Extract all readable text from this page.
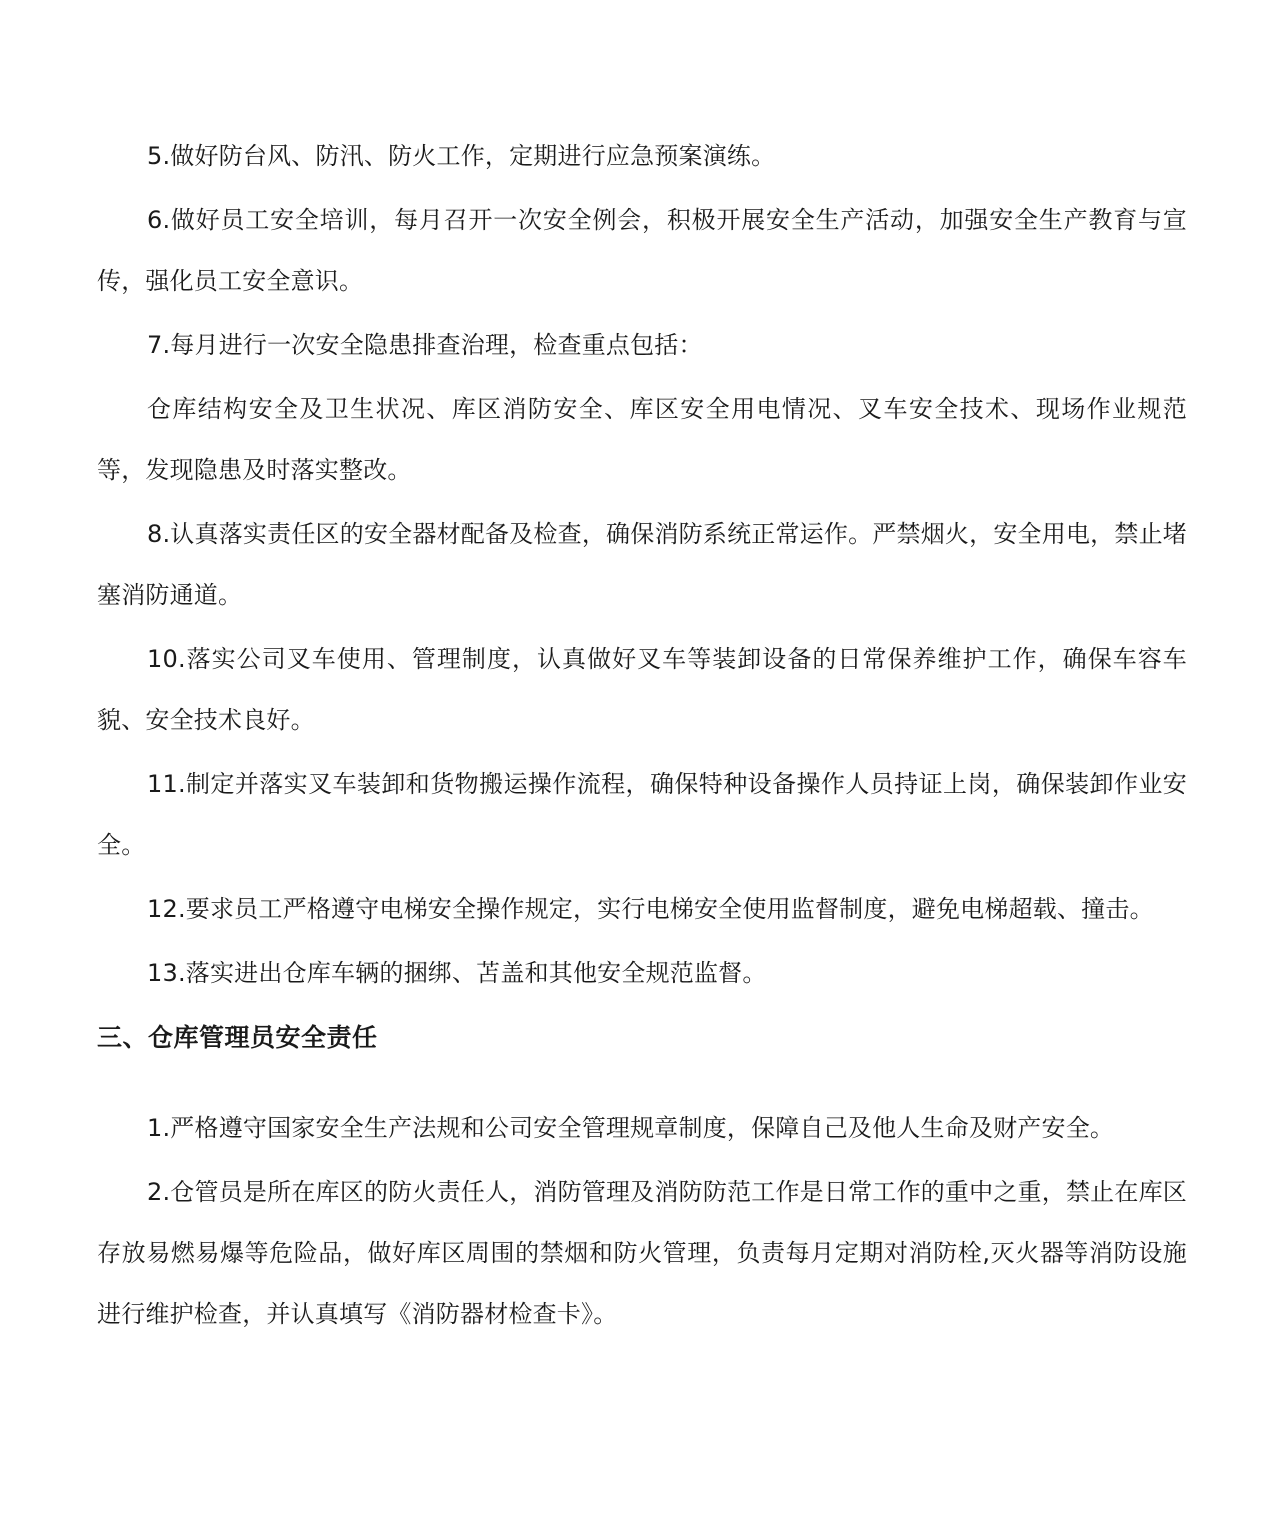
5.做好防台风、防汛、防火工作，定期进行应急预案演练。

6.做好员工安全培训，每月召开一次安全例会，积极开展安全生产活动，加强安全生产教育与宣传，强化员工安全意识。

7.每月进行一次安全隐患排查治理，检查重点包括：

仓库结构安全及卫生状况、库区消防安全、库区安全用电情况、叉车安全技术、现场作业规范等，发现隐患及时落实整改。

8.认真落实责任区的安全器材配备及检查，确保消防系统正常运作。严禁烟火，安全用电，禁止堵塞消防通道。

10.落实公司叉车使用、管理制度，认真做好叉车等装卸设备的日常保养维护工作，确保车容车貌、安全技术良好。

11.制定并落实叉车装卸和货物搬运操作流程，确保特种设备操作人员持证上岗，确保装卸作业安全。

12.要求员工严格遵守电梯安全操作规定，实行电梯安全使用监督制度，避免电梯超载、撞击。

13.落实进出仓库车辆的捆绑、苫盖和其他安全规范监督。

三、仓库管理员安全责任

1.严格遵守国家安全生产法规和公司安全管理规章制度，保障自己及他人生命及财产安全。

2.仓管员是所在库区的防火责任人，消防管理及消防防范工作是日常工作的重中之重，禁止在库区存放易燃易爆等危险品，做好库区周围的禁烟和防火管理，负责每月定期对消防栓,灭火器等消防设施进行维护检查，并认真填写《消防器材检查卡》。
